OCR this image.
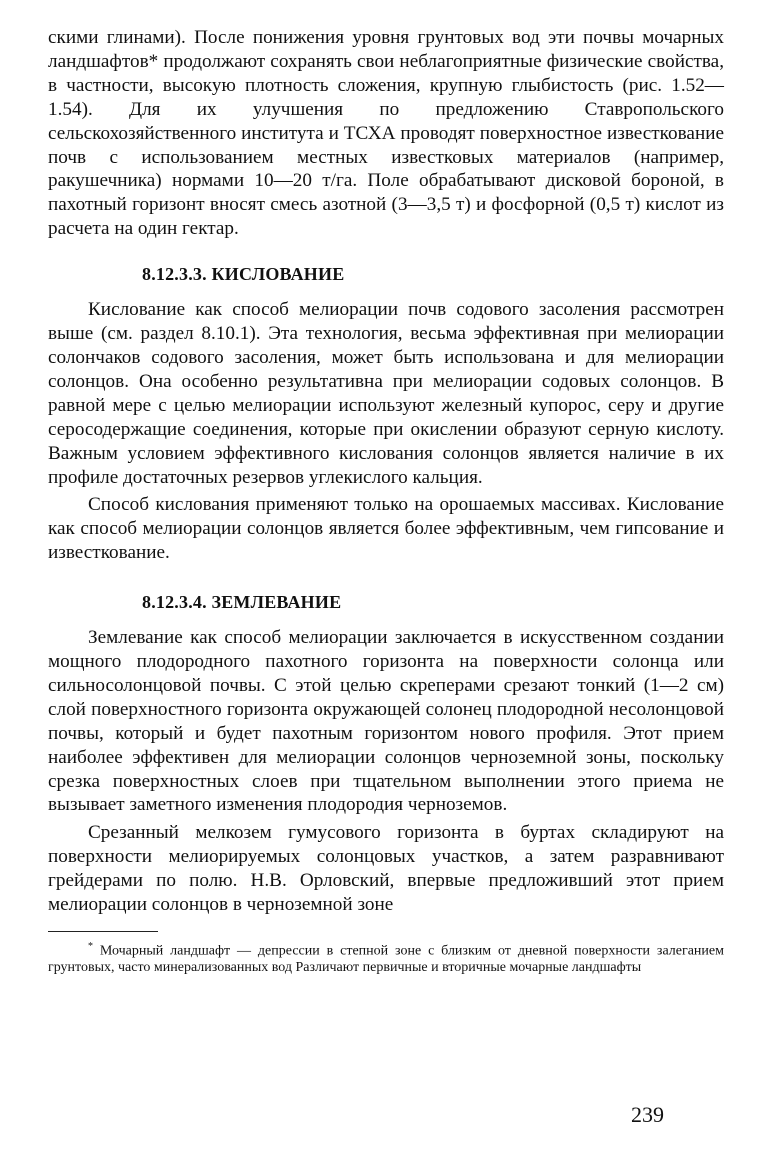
скими глинами). После понижения уровня грунтовых вод эти почвы мочарных ландшафтов* продолжают сохранять свои неблагоприятные физические свойства, в частности, высокую плотность сложения, крупную глыбистость (рис. 1.52—1.54). Для их улучшения по предложению Ставропольского сельскохозяйственного института и ТСХА проводят поверхностное известкование почв с использованием местных известковых материалов (например, ракушечника) нормами 10—20 т/га. Поле обрабатывают дисковой бороной, в пахотный горизонт вносят смесь азотной (3—3,5 т) и фосфорной (0,5 т) кислот из расчета на один гектар.

8.12.3.3. КИСЛОВАНИЕ

Кислование как способ мелиорации почв содового засоления рассмотрен выше (см. раздел 8.10.1). Эта технология, весьма эффективная при мелиорации солончаков содового засоления, может быть использована и для мелиорации солонцов. Она особенно результативна при мелиорации содовых солонцов. В равной мере с целью мелиорации используют железный купорос, серу и другие серосодержащие соединения, которые при окислении образуют серную кислоту. Важным условием эффективного кислования солонцов является наличие в их профиле достаточных резервов углекислого кальция.

Способ кислования применяют только на орошаемых массивах. Кислование как способ мелиорации солонцов является более эффективным, чем гипсование и известкование.

8.12.3.4. ЗЕМЛЕВАНИЕ

Землевание как способ мелиорации заключается в искусственном создании мощного плодородного пахотного горизонта на поверхности солонца или сильносолонцовой почвы. С этой целью скреперами срезают тонкий (1—2 см) слой поверхностного горизонта окружающей солонец плодородной несолонцовой почвы, который и будет пахотным горизонтом нового профиля. Этот прием наиболее эффективен для мелиорации солонцов черноземной зоны, поскольку срезка поверхностных слоев при тщательном выполнении этого приема не вызывает заметного изменения плодородия черноземов.

Срезанный мелкозем гумусового горизонта в буртах складируют на поверхности мелиорируемых солонцовых участков, а затем разравнивают грейдерами по полю. Н.В. Орловский, впервые предложивший этот прием мелиорации солонцов в черноземной зоне

* Мочарный ландшафт — депрессии в степной зоне с близким от дневной поверхности залеганием грунтовых, часто минерализованных вод Различают первичные и вторичные мочарные ландшафты

239
